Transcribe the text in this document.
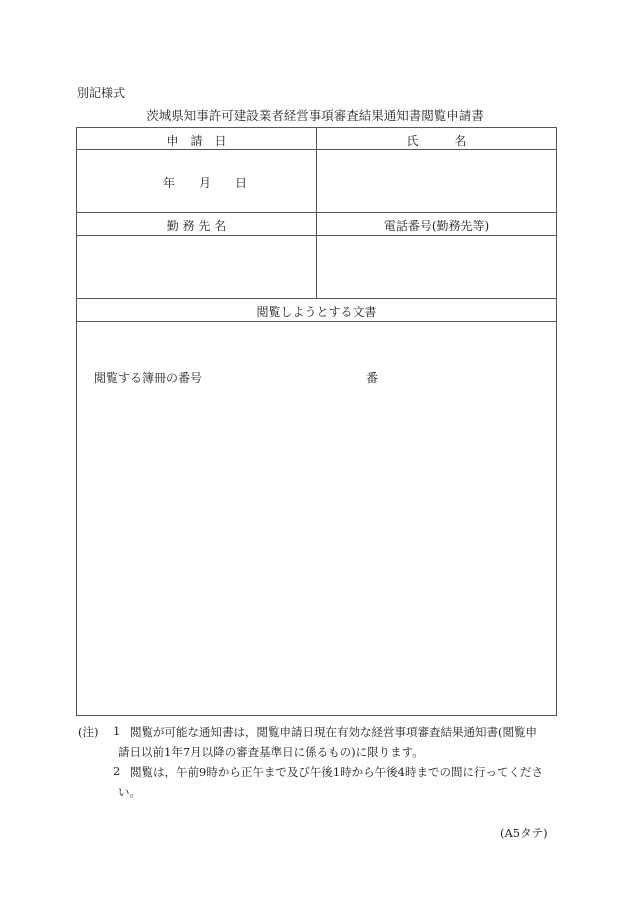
別記様式
茨城県知事許可建設業者経営事項審査結果通知書閲覧申請書
申　請　日	氏　　　名
年　　月　　日
勤 務 先 名	電話番号(勤務先等)
閲覧しようとする文書
閲覧する簿冊の番号	番
(注) 1 閲覧が可能な通知書は，閲覧申請日現在有効な経営事項審査結果通知書(閲覧申
請日以前1年7月以降の審査基準日に係るもの)に限ります。
2 閲覧は，午前9時から正午まで及び午後1時から午後4時までの間に行ってくださ
い。
(A5タテ)
